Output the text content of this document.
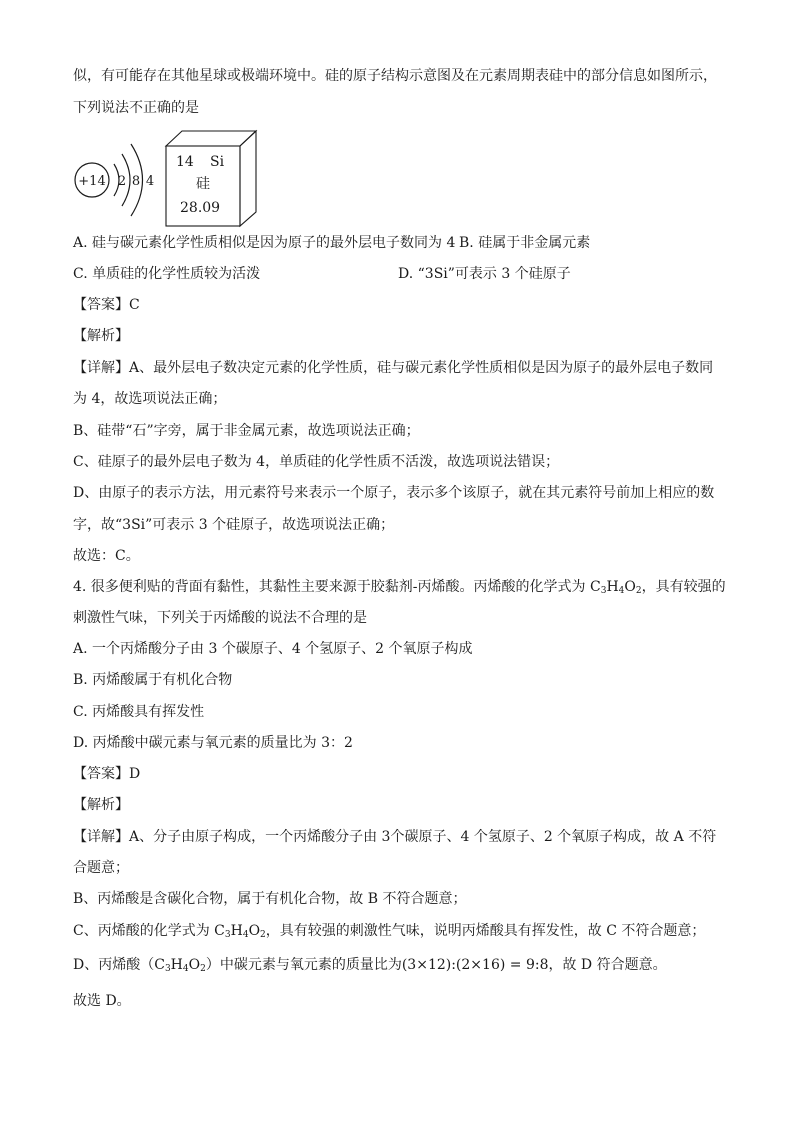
似，有可能存在其他星球或极端环境中。硅的原子结构示意图及在元素周期表硅中的部分信息如图所示，
下列说法不正确的是
+14 2 8 4
14 Si
硅
28.09
A. 硅与碳元素化学性质相似是因为原子的最外层电子数同为 4 B. 硅属于非金属元素
C. 单质硅的化学性质较为活泼	D. “3Si”可表示 3 个硅原子
【答案】C
【解析】
【详解】A、最外层电子数决定元素的化学性质，硅与碳元素化学性质相似是因为原子的最外层电子数同
为 4，故选项说法正确；
B、硅带“石”字旁，属于非金属元素，故选项说法正确；
C、硅原子的最外层电子数为 4，单质硅的化学性质不活泼，故选项说法错误；
D、由原子的表示方法，用元素符号来表示一个原子，表示多个该原子，就在其元素符号前加上相应的数
字，故“3Si”可表示 3 个硅原子，故选项说法正确；
故选：C。
4. 很多便利贴的背面有黏性，其黏性主要来源于胶黏剂-丙烯酸。丙烯酸的化学式为 $C_3H_4O_2$，具有较强的
刺激性气味，下列关于丙烯酸的说法不合理的是
A. 一个丙烯酸分子由 3 个碳原子、4 个氢原子、2 个氧原子构成
B. 丙烯酸属于有机化合物
C. 丙烯酸具有挥发性
D. 丙烯酸中碳元素与氧元素的质量比为 3：2
【答案】D
【解析】
【详解】A、分子由原子构成，一个丙烯酸分子由 3个碳原子、4 个氢原子、2 个氧原子构成，故 A 不符
合题意；
B、丙烯酸是含碳化合物，属于有机化合物，故 B 不符合题意；
C、丙烯酸的化学式为 $C_3H_4O_2$，具有较强的刺激性气味，说明丙烯酸具有挥发性，故 C 不符合题意；
D、丙烯酸$(C_3H_4O_2)$中碳元素与氧元素的质量比为(3×12):(2×16) = 9:8，故 D 符合题意。
故选 D。
